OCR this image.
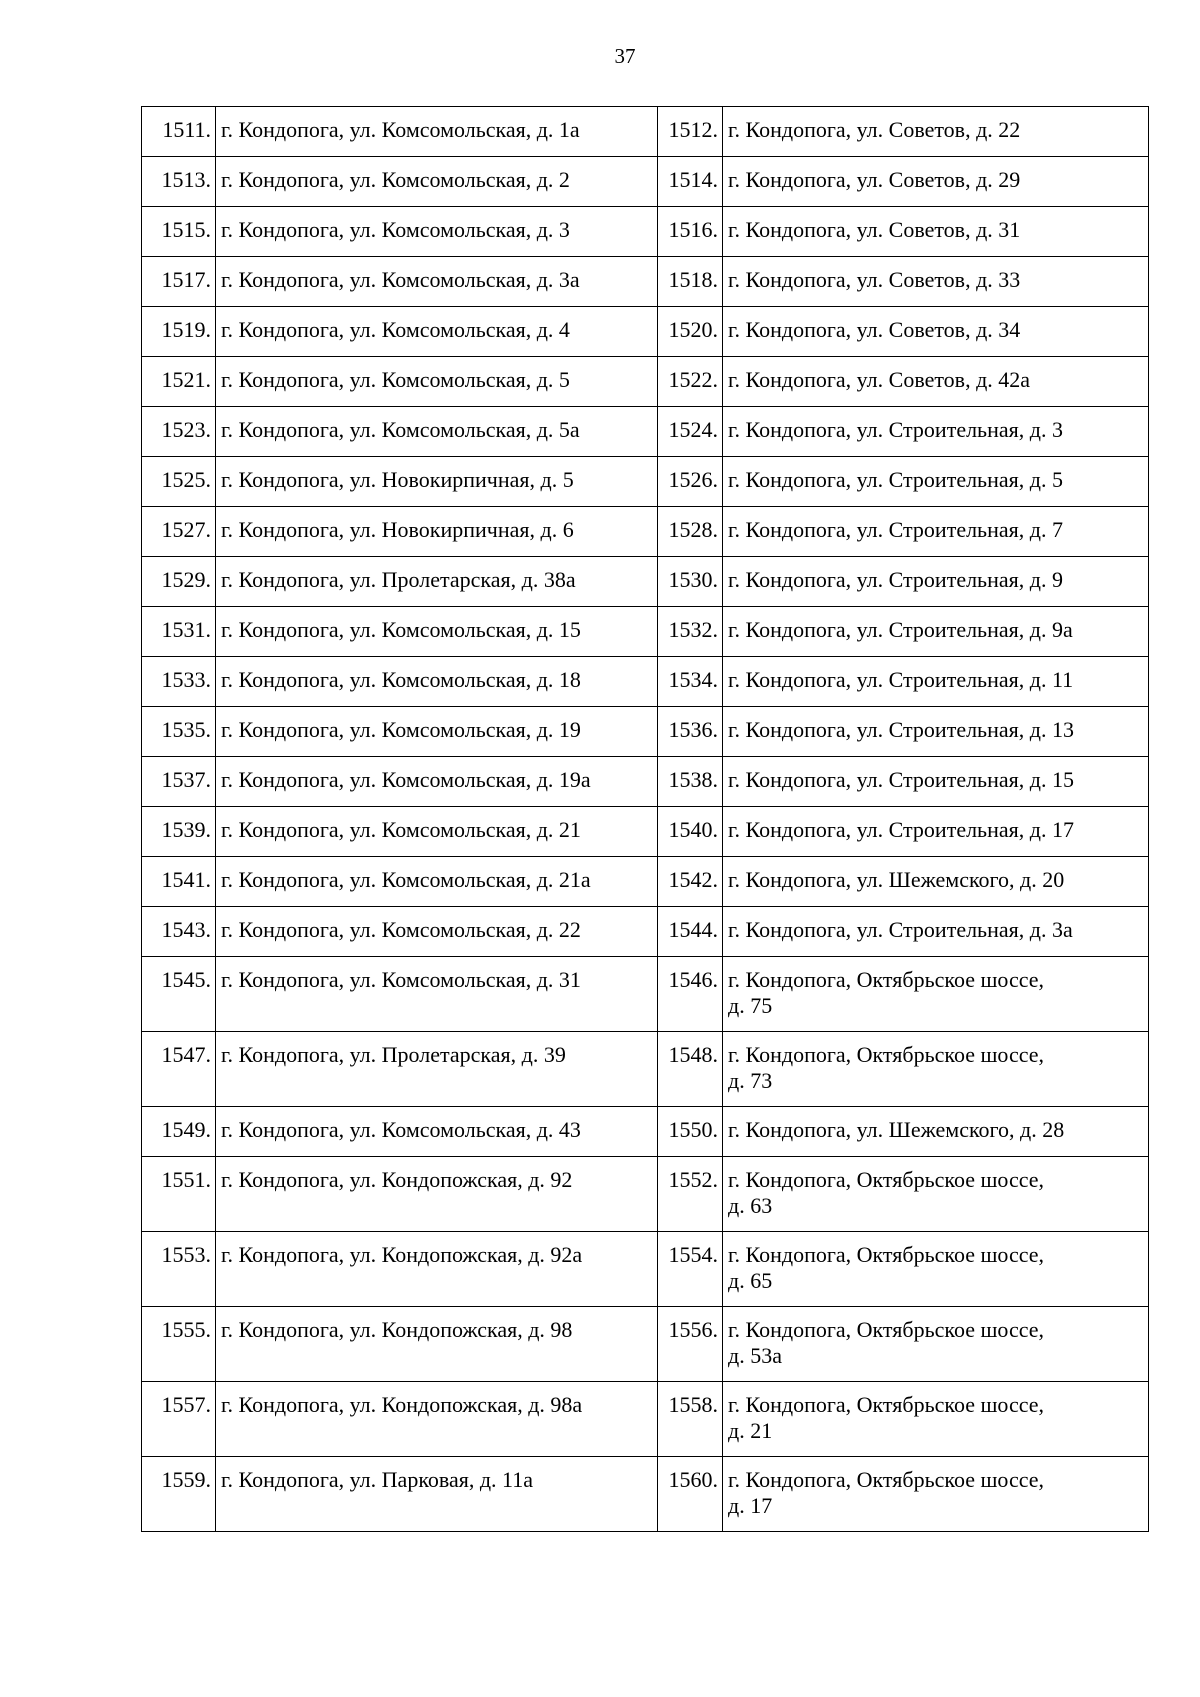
37
1511.	г. Кондопога, ул. Комсомольская, д. 1а	1512.	г. Кондопога, ул. Советов, д. 22
1513.	г. Кондопога, ул. Комсомольская, д. 2	1514.	г. Кондопога, ул. Советов, д. 29
1515.	г. Кондопога, ул. Комсомольская, д. 3	1516.	г. Кондопога, ул. Советов, д. 31
1517.	г. Кондопога, ул. Комсомольская, д. 3а	1518.	г. Кондопога, ул. Советов, д. 33
1519.	г. Кондопога, ул. Комсомольская, д. 4	1520.	г. Кондопога, ул. Советов, д. 34
1521.	г. Кондопога, ул. Комсомольская, д. 5	1522.	г. Кондопога, ул. Советов, д. 42а
1523.	г. Кондопога, ул. Комсомольская, д. 5а	1524.	г. Кондопога, ул. Строительная, д. 3
1525.	г. Кондопога, ул. Новокирпичная, д. 5	1526.	г. Кондопога, ул. Строительная, д. 5
1527.	г. Кондопога, ул. Новокирпичная, д. 6	1528.	г. Кондопога, ул. Строительная, д. 7
1529.	г. Кондопога, ул. Пролетарская, д. 38а	1530.	г. Кондопога, ул. Строительная, д. 9
1531.	г. Кондопога, ул. Комсомольская, д. 15	1532.	г. Кондопога, ул. Строительная, д. 9а
1533.	г. Кондопога, ул. Комсомольская, д. 18	1534.	г. Кондопога, ул. Строительная, д. 11
1535.	г. Кондопога, ул. Комсомольская, д. 19	1536.	г. Кондопога, ул. Строительная, д. 13
1537.	г. Кондопога, ул. Комсомольская, д. 19а	1538.	г. Кондопога, ул. Строительная, д. 15
1539.	г. Кондопога, ул. Комсомольская, д. 21	1540.	г. Кондопога, ул. Строительная, д. 17
1541.	г. Кондопога, ул. Комсомольская, д. 21а	1542.	г. Кондопога, ул. Шежемского, д. 20
1543.	г. Кондопога, ул. Комсомольская, д. 22	1544.	г. Кондопога, ул. Строительная, д. 3а
1545.	г. Кондопога, ул. Комсомольская, д. 31	1546.	г. Кондопога, Октябрьское шоссе,
д. 75
1547.	г. Кондопога, ул. Пролетарская, д. 39	1548.	г. Кондопога, Октябрьское шоссе,
д. 73
1549.	г. Кондопога, ул. Комсомольская, д. 43	1550.	г. Кондопога, ул. Шежемского, д. 28
1551.	г. Кондопога, ул. Кондопожская, д. 92	1552.	г. Кондопога, Октябрьское шоссе,
д. 63
1553.	г. Кондопога, ул. Кондопожская, д. 92а	1554.	г. Кондопога, Октябрьское шоссе,
д. 65
1555.	г. Кондопога, ул. Кондопожская, д. 98	1556.	г. Кондопога, Октябрьское шоссе,
д. 53а
1557.	г. Кондопога, ул. Кондопожская, д. 98а	1558.	г. Кондопога, Октябрьское шоссе,
д. 21
1559.	г. Кондопога, ул. Парковая, д. 11а	1560.	г. Кондопога, Октябрьское шоссе,
д. 17
